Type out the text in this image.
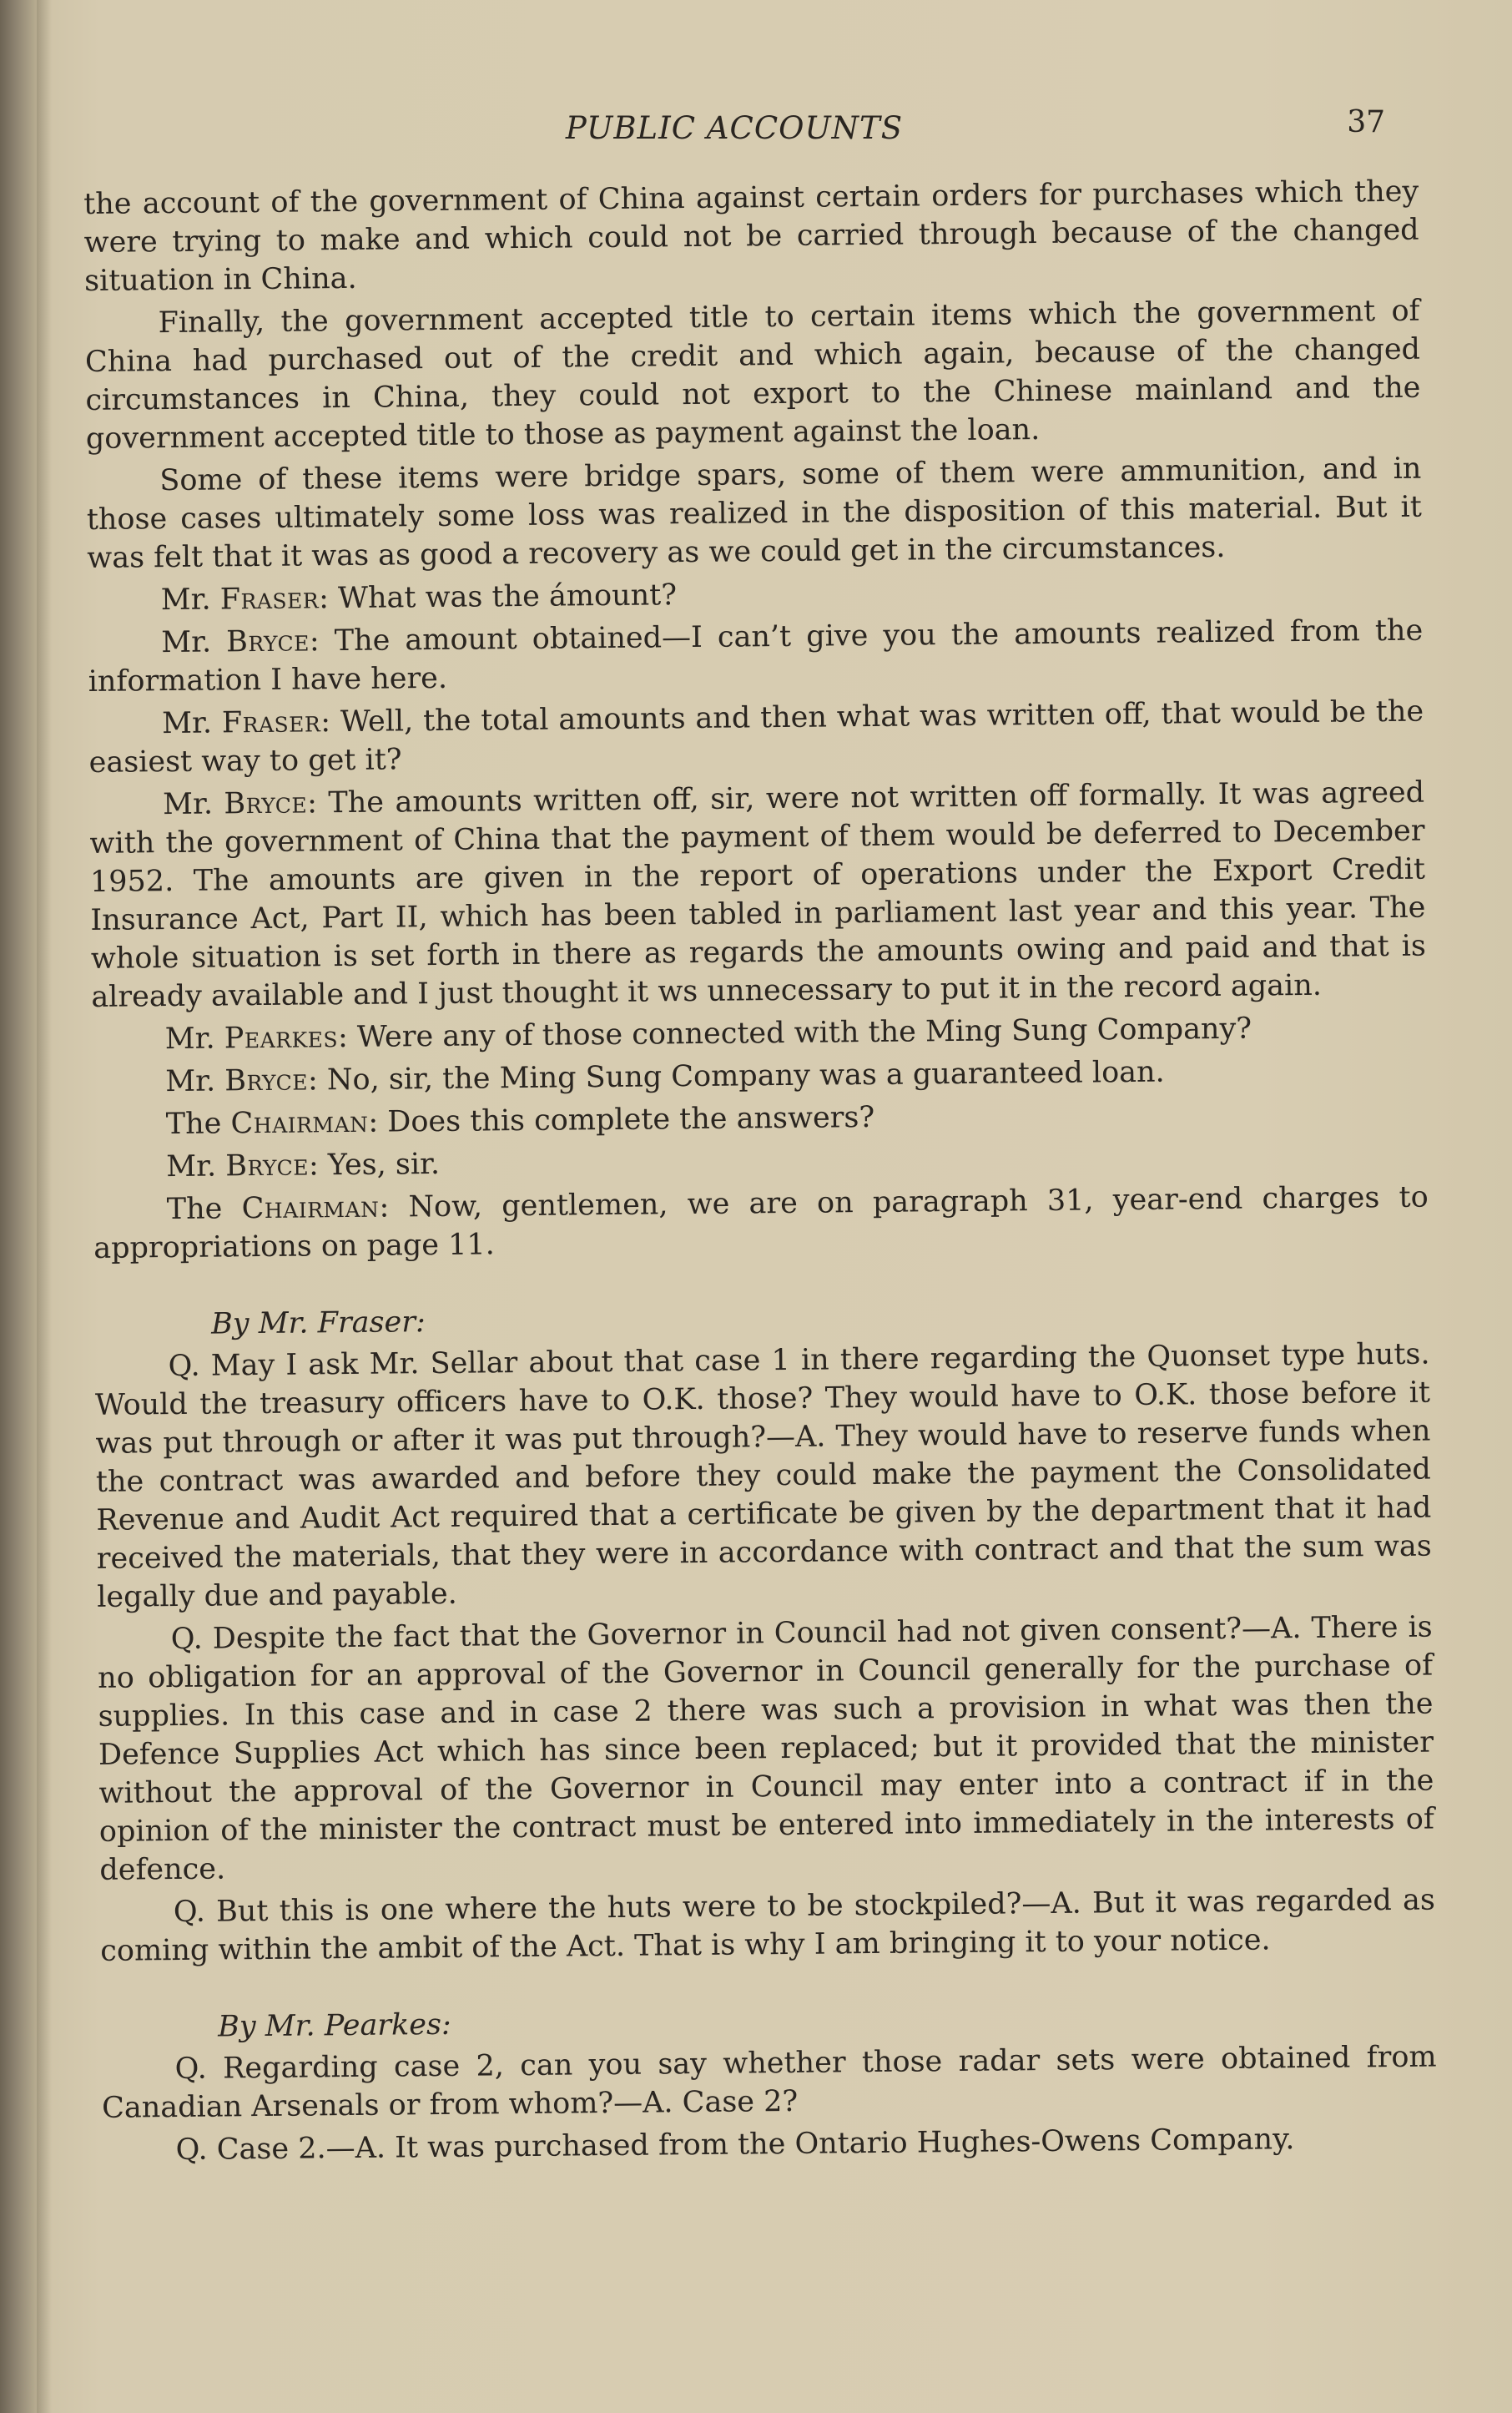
PUBLIC ACCOUNTS	37

the account of the government of China against certain orders for purchases which they were trying to make and which could not be carried through because of the changed situation in China.

Finally, the government accepted title to certain items which the government of China had purchased out of the credit and which again, because of the changed circumstances in China, they could not export to the Chinese mainland and the government accepted title to those as payment against the loan.

Some of these items were bridge spars, some of them were ammunition, and in those cases ultimately some loss was realized in the disposition of this material. But it was felt that it was as good a recovery as we could get in the circumstances.

Mr. Fraser: What was the ámount?

Mr. Bryce: The amount obtained—I can’t give you the amounts realized from the information I have here.

Mr. Fraser: Well, the total amounts and then what was written off, that would be the easiest way to get it?

Mr. Bryce: The amounts written off, sir, were not written off formally. It was agreed with the government of China that the payment of them would be deferred to December 1952. The amounts are given in the report of operations under the Export Credit Insurance Act, Part II, which has been tabled in parliament last year and this year. The whole situation is set forth in there as regards the amounts owing and paid and that is already available and I just thought it ws unnecessary to put it in the record again.

Mr. Pearkes: Were any of those connected with the Ming Sung Company?

Mr. Bryce: No, sir, the Ming Sung Company was a guaranteed loan.

The Chairman: Does this complete the answers?

Mr. Bryce: Yes, sir.

The Chairman: Now, gentlemen, we are on paragraph 31, year-end charges to appropriations on page 11.

By Mr. Fraser:

Q. May I ask Mr. Sellar about that case 1 in there regarding the Quonset type huts. Would the treasury officers have to O.K. those? They would have to O.K. those before it was put through or after it was put through?—A. They would have to reserve funds when the contract was awarded and before they could make the payment the Consolidated Revenue and Audit Act required that a certificate be given by the department that it had received the materials, that they were in accordance with contract and that the sum was legally due and payable.

Q. Despite the fact that the Governor in Council had not given consent?—A. There is no obligation for an approval of the Governor in Council generally for the purchase of supplies. In this case and in case 2 there was such a provision in what was then the Defence Supplies Act which has since been replaced; but it provided that the minister without the approval of the Governor in Council may enter into a contract if in the opinion of the minister the contract must be entered into immediately in the interests of defence.

Q. But this is one where the huts were to be stockpiled?—A. But it was regarded as coming within the ambit of the Act. That is why I am bringing it to your notice.

By Mr. Pearkes:

Q. Regarding case 2, can you say whether those radar sets were obtained from Canadian Arsenals or from whom?—A. Case 2?

Q. Case 2.—A. It was purchased from the Ontario Hughes-Owens Company.
